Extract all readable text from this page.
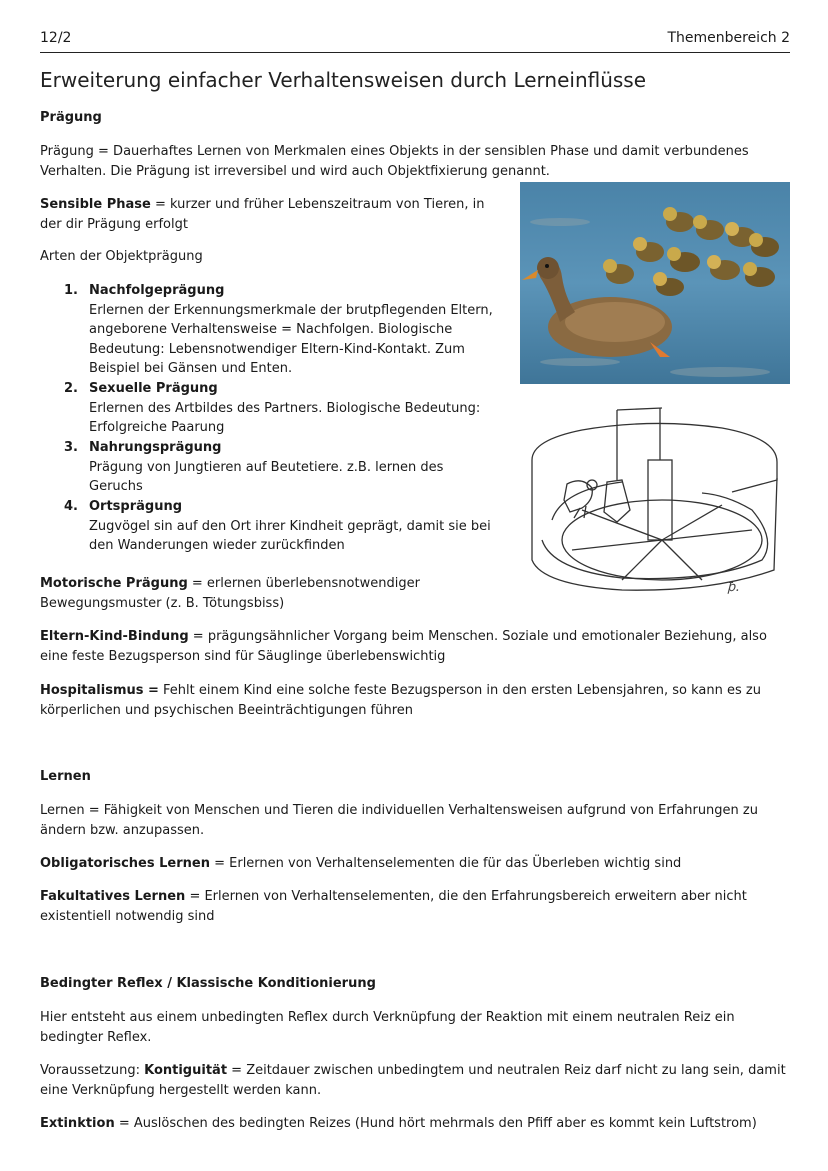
12/2	Themenbereich 2
Erweiterung einfacher Verhaltensweisen durch Lerneinflüsse
Prägung
Prägung = Dauerhaftes Lernen von Merkmalen eines Objekts in der sensiblen Phase und damit verbundenes
Verhalten. Die Prägung ist irreversibel und wird auch Objektfixierung genannt.
Sensible Phase = kurzer und früher Lebenszeitraum von Tieren, in der dir Prägung erfolgt
Arten der Objektprägung
1. Nachfolgeprägung
Erlernen der Erkennungsmerkmale der brutpflegenden Eltern, angeborene Verhaltensweise = Nachfolgen. Biologische Bedeutung: Lebensnotwendiger Eltern-Kind-Kontakt. Zum Beispiel bei Gänsen und Enten.
2. Sexuelle Prägung
Erlernen des Artbildes des Partners. Biologische Bedeutung: Erfolgreiche Paarung
3. Nahrungsprägung
Prägung von Jungtieren auf Beutetiere. z.B. lernen des Geruchs
4. Ortsprägung
Zugvögel sin auf den Ort ihrer Kindheit geprägt, damit sie bei den Wanderungen wieder zurückfinden
Motorische Prägung = erlernen überlebensnotwendiger Bewegungsmuster (z. B. Tötungsbiss)
Eltern-Kind-Bindung = prägungsähnlicher Vorgang beim Menschen. Soziale und emotionaler Beziehung, also eine feste Bezugsperson sind für Säuglinge überlebenswichtig
Hospitalismus = Fehlt einem Kind eine solche feste Bezugsperson in den ersten Lebensjahren, so kann es zu körperlichen und psychischen Beeinträchtigungen führen
Lernen
Lernen = Fähigkeit von Menschen und Tieren die individuellen Verhaltensweisen aufgrund von Erfahrungen zu ändern bzw. anzupassen.
Obligatorisches Lernen = Erlernen von Verhaltenselementen die für das Überleben wichtig sind
Fakultatives Lernen = Erlernen von Verhaltenselementen, die den Erfahrungsbereich erweitern aber nicht existentiell notwendig sind
Bedingter Reflex / Klassische Konditionierung
Hier entsteht aus einem unbedingten Reflex durch Verknüpfung der Reaktion mit einem neutralen Reiz ein bedingter Reflex.
Voraussetzung: Kontiguität = Zeitdauer zwischen unbedingtem und neutralen Reiz darf nicht zu lang sein, damit eine Verknüpfung hergestellt werden kann.
Extinktion = Auslöschen des bedingten Reizes (Hund hört mehrmals den Pfiff aber es kommt kein Luftstrom)
ꝥ.
